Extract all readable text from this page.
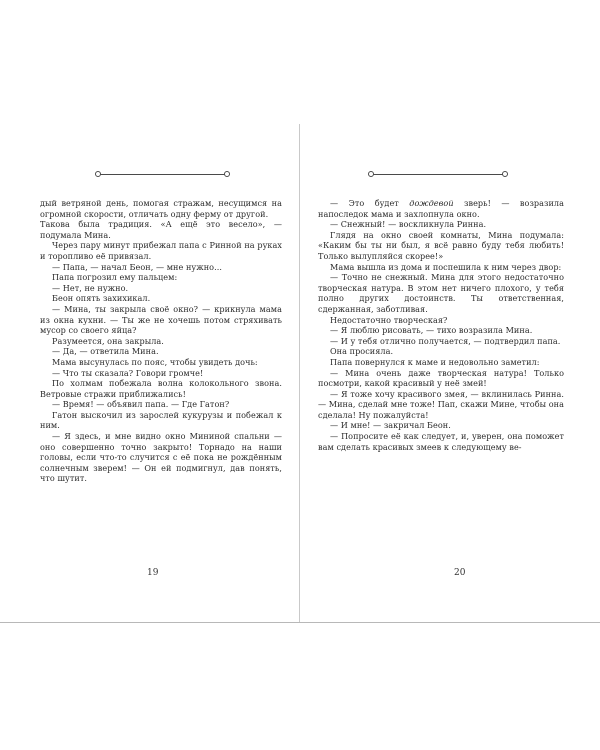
дый ветряной день, помогая стражам, несущимся на огромной скорости, отличать одну ферму от другой.

Такова была традиция. «А ещё это весело», — подумала Мина.

Через пару минут прибежал папа с Ринной на руках и торопливо её привязал.

— Папа, — начал Беон, — мне нужно...

Папа погрозил ему пальцем:

— Нет, не нужно.

Беон опять захихикал.

— Мина, ты закрыла своё окно? — крикнула мама из окна кухни. — Ты же не хочешь потом стряхивать мусор со своего яйца?

Разумеется, она закрыла.

— Да, — ответила Мина.

Мама высунулась по пояс, чтобы увидеть дочь:

— Что ты сказала? Говори громче!

По холмам побежала волна колокольного звона. Ветровые стражи приближались!

— Время! — объявил папа. — Где Гатон?

Гатон выскочил из зарослей кукурузы и побежал к ним.

— Я здесь, и мне видно окно Мининой спальни — оно совершенно точно закрыто! Торнадо на наши головы, если что-то случится с её пока не рождённым солнечным зверем! — Он ей подмигнул, дав понять, что шутит.

19

— Это будет дождевой зверь! — возразила напоследок мама и захлопнула окно.

— Снежный! — воскликнула Ринна.

Глядя на окно своей комнаты, Мина подумала: «Каким бы ты ни был, я всё равно буду тебя любить! Только вылупляйся скорее!»

Мама вышла из дома и поспешила к ним через двор:

— Точно не снежный. Мина для этого недостаточно творческая натура. В этом нет ничего плохого, у тебя полно других достоинств. Ты ответственная, сдержанная, заботливая.

Недостаточно творческая?

— Я люблю рисовать, — тихо возразила Мина.

— И у тебя отлично получается, — подтвердил папа.

Она просияла.

Папа повернулся к маме и недовольно заметил:

— Мина очень даже творческая натура! Только посмотри, какой красивый у неё змей!

— Я тоже хочу красивого змея, — вклинилась Ринна. — Мина, сделай мне тоже! Пап, скажи Мине, чтобы она сделала! Ну пожалуйста!

— И мне! — закричал Беон.

— Попросите её как следует, и, уверен, она поможет вам сделать красивых змеев к следующему ве-

20
